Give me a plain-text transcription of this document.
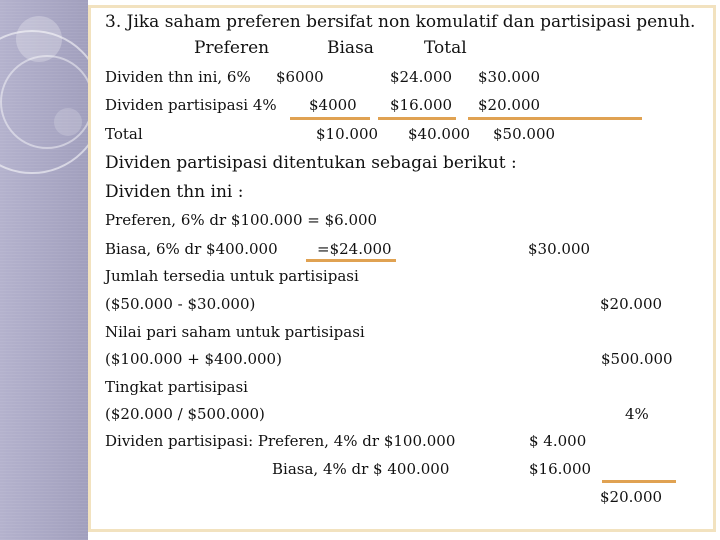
3. Jika saham preferen bersifat non komulatif dan partisipasi penuh.
Preferen	Biasa	Total
Dividen thn ini, 6% $6000	$24.000 $30.000
Dividen partisipasi 4% $4000 $16.000 $20.000
Total	$10.000 $40.000 $50.000
Dividen partisipasi ditentukan sebagai berikut :
Dividen thn ini :
Preferen, 6% dr $100.000 = $6.000
Biasa, 6% dr $400.000	=$24.000	$30.000
Jumlah tersedia untuk partisipasi
($50.000 - $30.000)	$20.000
Nilai pari saham untuk partisipasi
($100.000 + $400.000)	$500.000
Tingkat partisipasi
($20.000 / $500.000)	4%
Dividen partisipasi: Preferen, 4% dr $100.000	$ 4.000
Biasa, 4% dr $ 400.000	$16.000
$20.000
